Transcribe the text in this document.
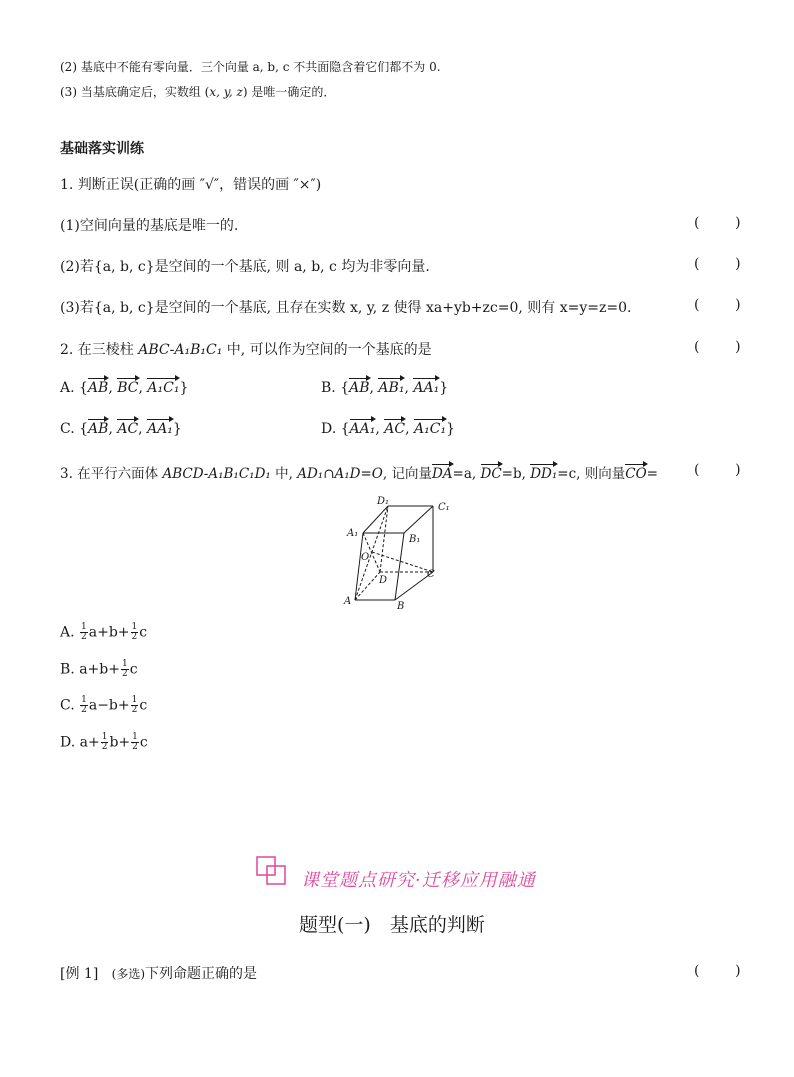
(2) 基底中不能有零向量．三个向量 a, b, c 不共面隐含着它们都不为 0.
(3) 当基底确定后，实数组 (x, y, z) 是唯一确定的．
基础落实训练
1. 判断正误(正确的画 ″√″，错误的画 ″×″)
(1)空间向量的基底是唯一的.	(        )
(2)若{a, b, c}是空间的一个基底, 则 a, b, c 均为非零向量.	(        )
(3)若{a, b, c}是空间的一个基底, 且存在实数 x, y, z 使得 xa+yb+zc=0, 则有 x=y=z=0.	(        )
2. 在三棱柱 ABC-A₁B₁C₁ 中, 可以作为空间的一个基底的是	(        )
A. {AB, BC, A₁C₁}	B. {AB, AB₁, AA₁}
C. {AB, AC, AA₁}	D. {AA₁, AC, A₁C₁}
3. 在平行六面体 ABCD-A₁B₁C₁D₁ 中, AD₁∩A₁D=O, 记向量DA=a, DC=b, DD₁=c, 则向量CO=	(        )
D₁
C₁
A₁
B₁
O
D
C
A	B
A. $\frac{1}{2} a+b+ \frac{1}{2}$ c
B. $a+b+ \frac{1}{2}$ c
C. $\frac{1}{2} a-b+ \frac{1}{2}$ c
D. $a+ \frac{1}{2} b+ \frac{1}{2}$ c
课堂题点研究·迁移应用融通
题型(一)　基底的判断
[例 1] (多选)下列命题正确的是	(        )
